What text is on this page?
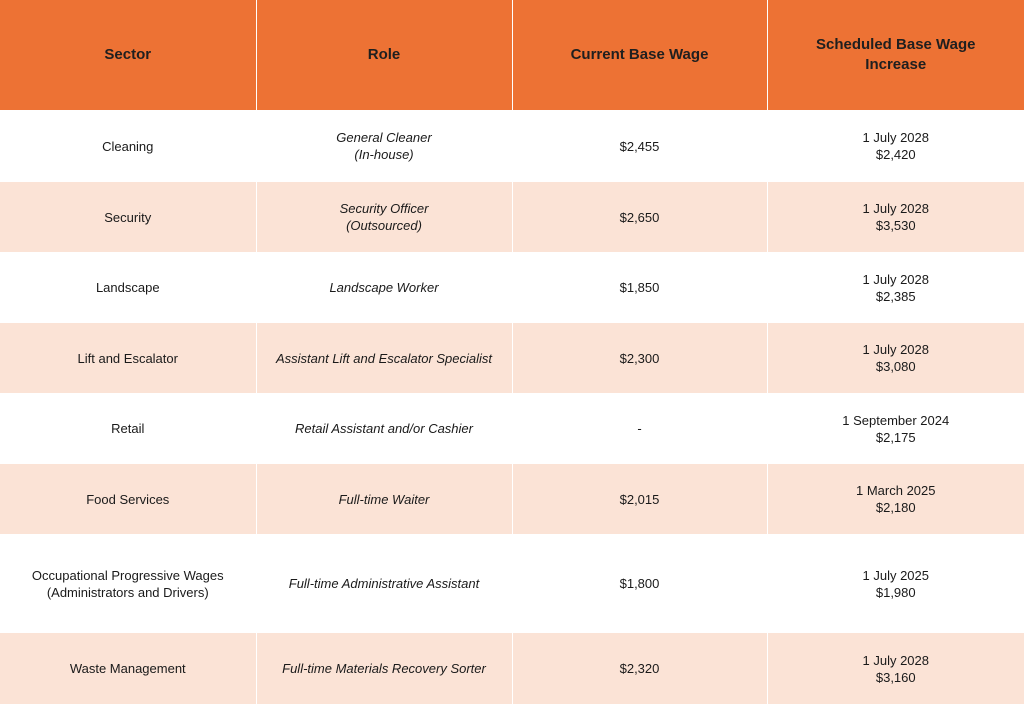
Sector	Role	Current Base Wage	Scheduled Base Wage
Increase

Cleaning	General Cleaner
(In-house)	$2,455	1 July 2028
$2,420

Security	Security Officer
(Outsourced)	$2,650	1 July 2028
$3,530

Landscape	Landscape Worker	$1,850	1 July 2028
$2,385

Lift and Escalator	Assistant Lift and Escalator Specialist	$2,300	1 July 2028
$3,080

Retail	Retail Assistant and/or Cashier	-	1 September 2024
$2,175

Food Services	Full-time Waiter	$2,015	1 March 2025
$2,180

Occupational Progressive Wages
(Administrators and Drivers)	Full-time Administrative Assistant	$1,800	1 July 2025
$1,980

Waste Management	Full-time Materials Recovery Sorter	$2,320	1 July 2028
$3,160
